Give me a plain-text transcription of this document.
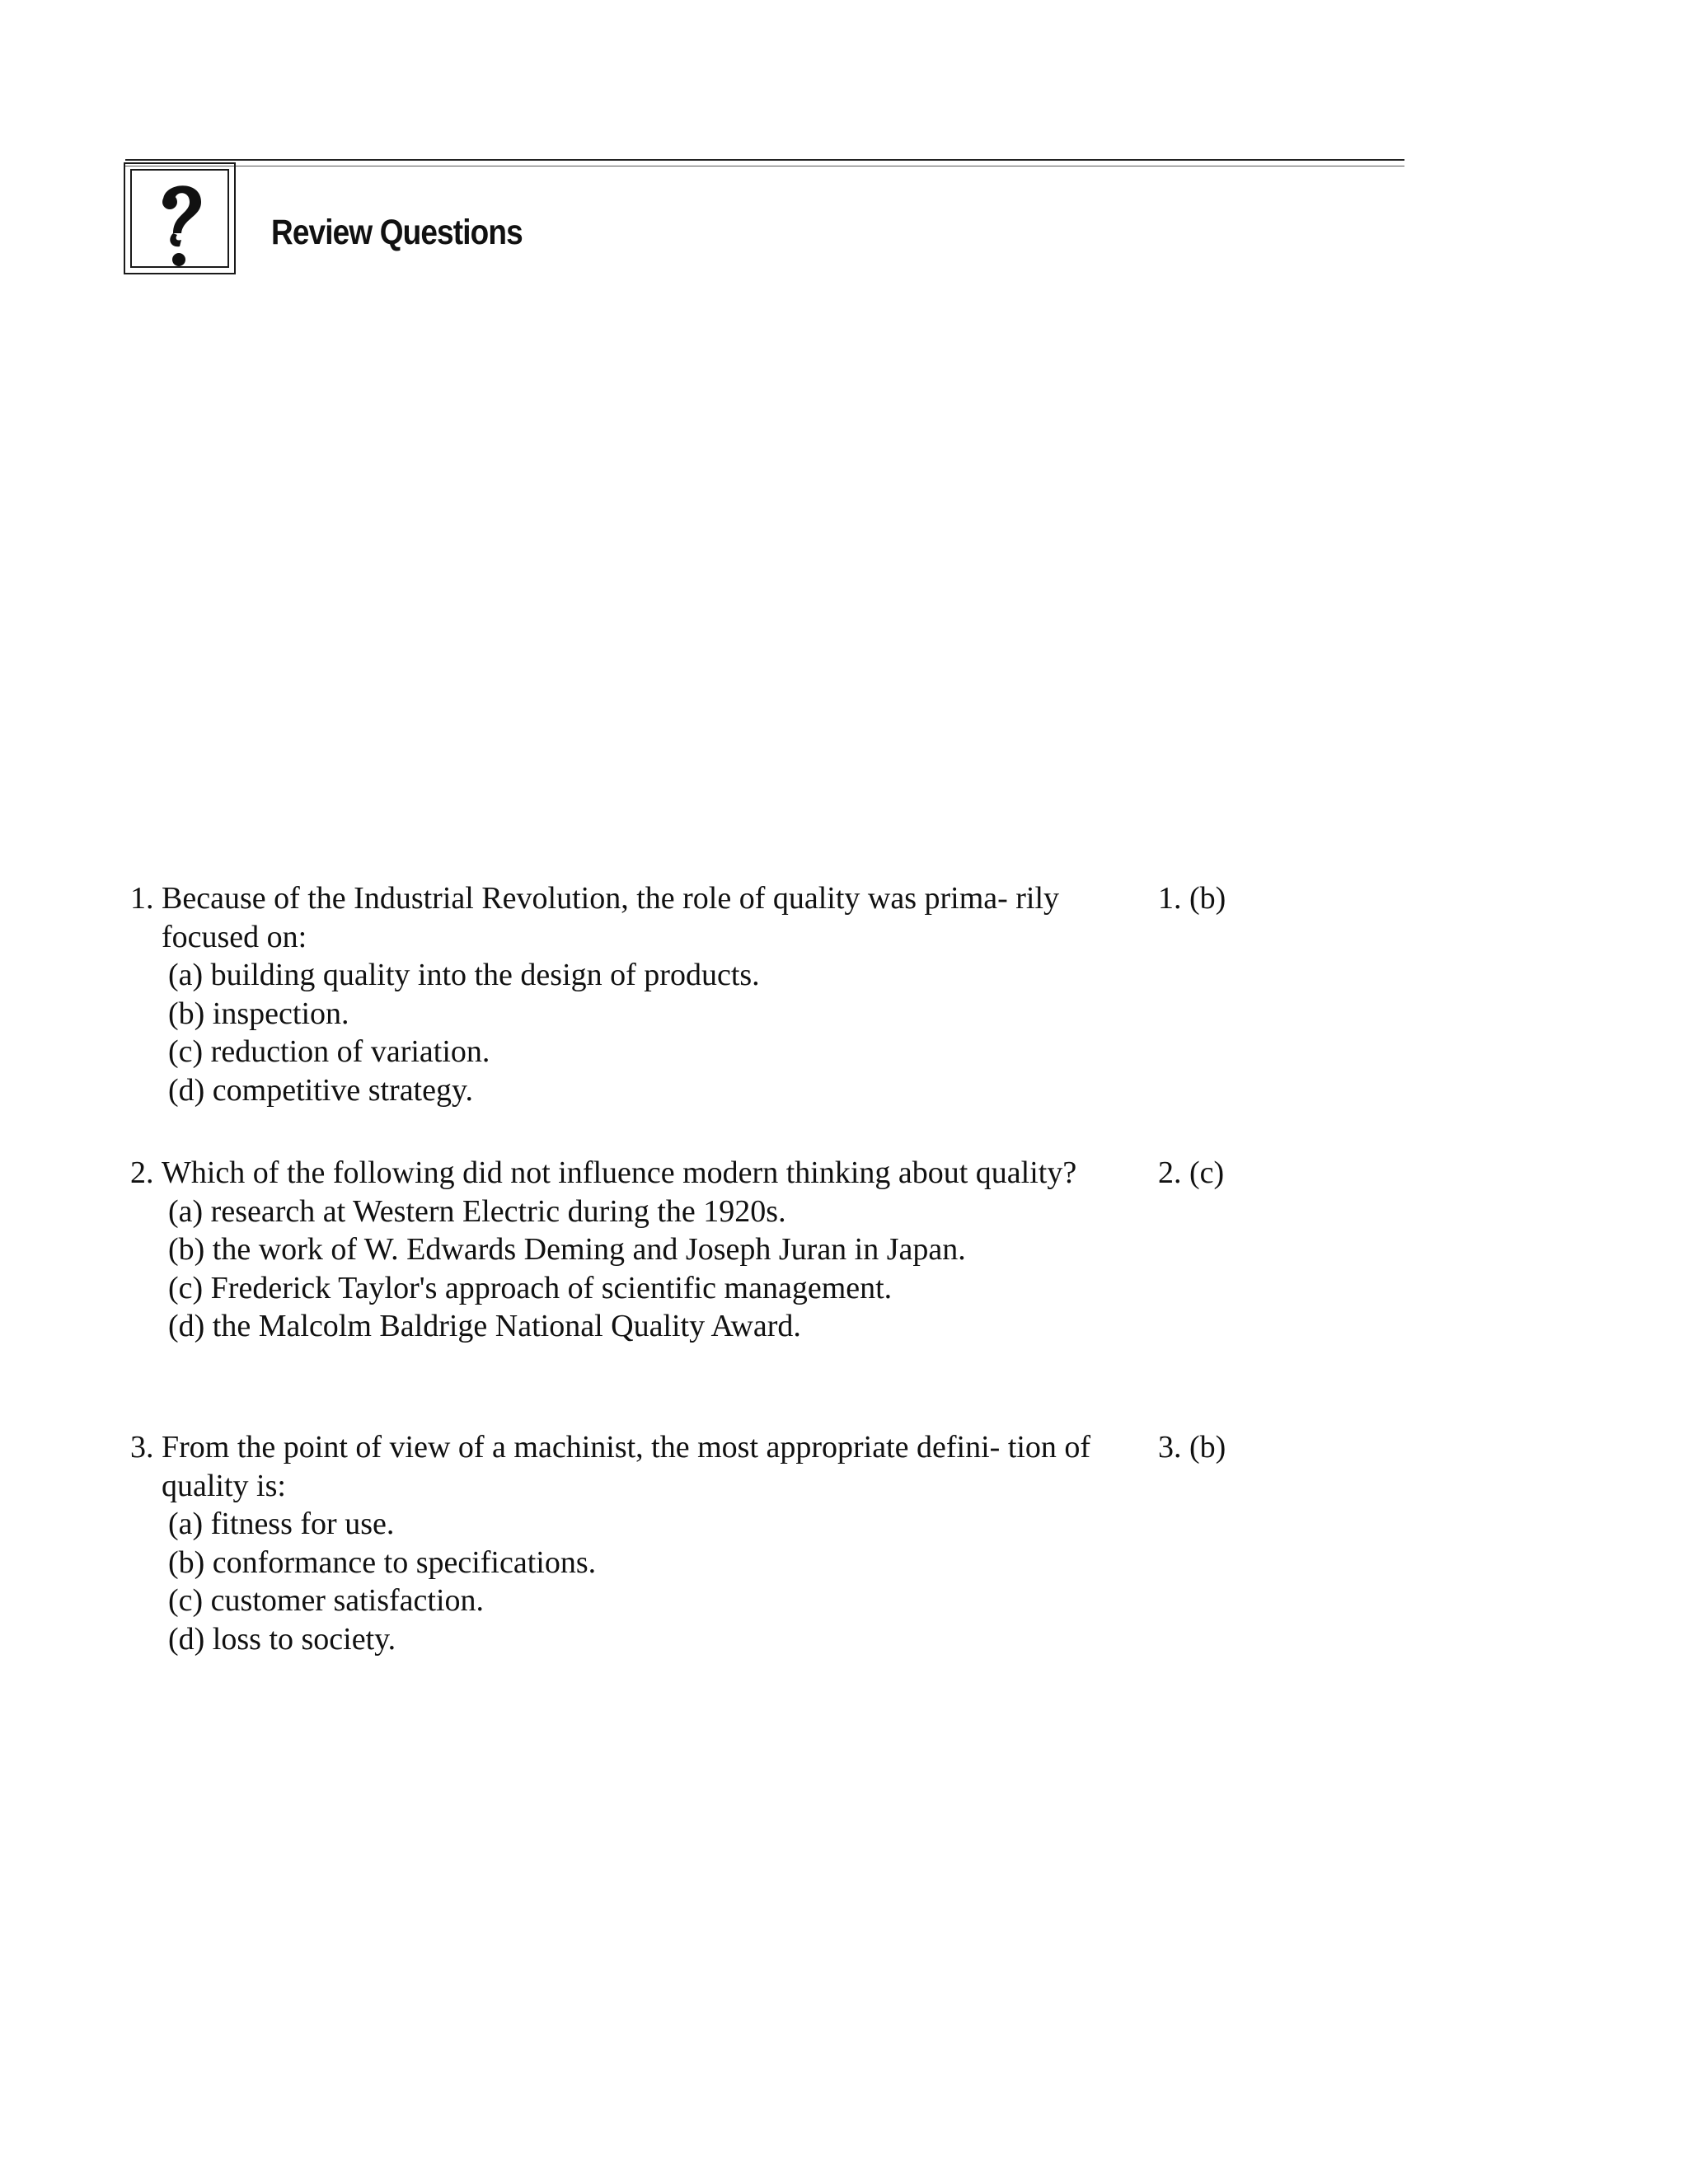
Review Questions
1. Because of the Industrial Revolution, the role of quality was prima- rily focused on:
1. (b)
(a) building quality into the design of products.
(b) inspection.
(c) reduction of variation.
(d) competitive strategy.
2. Which of the following did not influence modern thinking about quality?	2. (c)
(a) research at Western Electric during the 1920s.
(b) the work of W. Edwards Deming and Joseph Juran in Japan.
(c) Frederick Taylor's approach of scientific management.
(d) the Malcolm Baldrige National Quality Award.
3. From the point of view of a machinist, the most appropriate defini- tion of quality is:
3. (b)
(a) fitness for use.
(b) conformance to specifications.
(c) customer satisfaction.
(d) loss to society.
